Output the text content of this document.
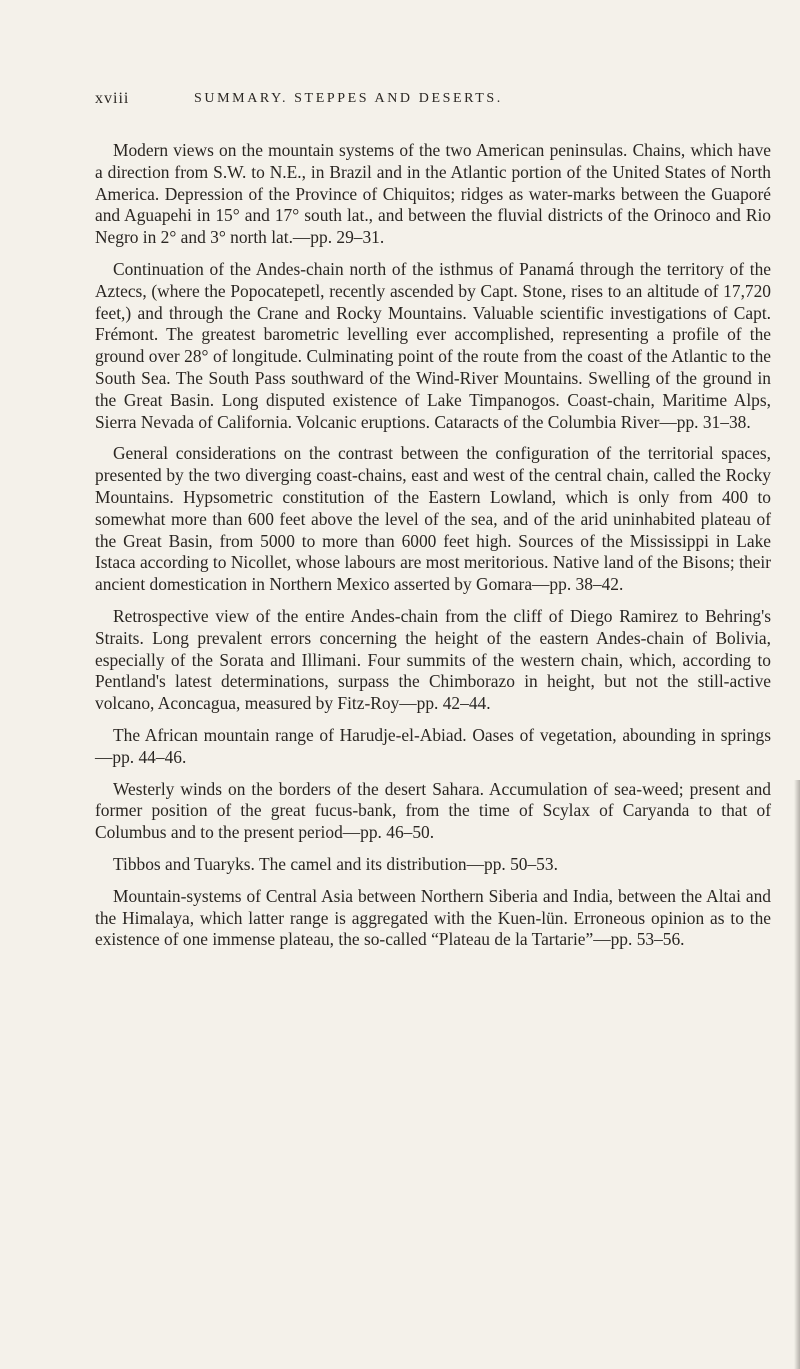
xviii	SUMMARY. STEPPES AND DESERTS.

Modern views on the mountain systems of the two American peninsulas. Chains, which have a direction from S.W. to N.E., in Brazil and in the Atlantic portion of the United States of North America. Depression of the Province of Chiquitos; ridges as water-marks between the Guaporé and Aguapehi in 15° and 17° south lat., and between the fluvial districts of the Orinoco and Rio Negro in 2° and 3° north lat.—pp. 29–31.

Continuation of the Andes-chain north of the isthmus of Panamá through the territory of the Aztecs, (where the Popocatepetl, recently ascended by Capt. Stone, rises to an altitude of 17,720 feet,) and through the Crane and Rocky Mountains. Valuable scientific investigations of Capt. Frémont. The greatest barometric levelling ever accomplished, representing a profile of the ground over 28° of longitude. Culminating point of the route from the coast of the Atlantic to the South Sea. The South Pass southward of the Wind-River Mountains. Swelling of the ground in the Great Basin. Long disputed existence of Lake Timpanogos. Coast-chain, Maritime Alps, Sierra Nevada of California. Volcanic eruptions. Cataracts of the Columbia River—pp. 31–38.

General considerations on the contrast between the configuration of the territorial spaces, presented by the two diverging coast-chains, east and west of the central chain, called the Rocky Mountains. Hypsometric constitution of the Eastern Lowland, which is only from 400 to somewhat more than 600 feet above the level of the sea, and of the arid uninhabited plateau of the Great Basin, from 5000 to more than 6000 feet high. Sources of the Mississippi in Lake Istaca according to Nicollet, whose labours are most meritorious. Native land of the Bisons; their ancient domestication in Northern Mexico asserted by Gomara—pp. 38–42.

Retrospective view of the entire Andes-chain from the cliff of Diego Ramirez to Behring's Straits. Long prevalent errors concerning the height of the eastern Andes-chain of Bolivia, especially of the Sorata and Illimani. Four summits of the western chain, which, according to Pentland's latest determinations, surpass the Chimborazo in height, but not the still-active volcano, Aconcagua, measured by Fitz-Roy—pp. 42–44.

The African mountain range of Harudje-el-Abiad. Oases of vegetation, abounding in springs—pp. 44–46.

Westerly winds on the borders of the desert Sahara. Accumulation of sea-weed; present and former position of the great fucus-bank, from the time of Scylax of Caryanda to that of Columbus and to the present period—pp. 46–50.

Tibbos and Tuaryks. The camel and its distribution—pp. 50–53.

Mountain-systems of Central Asia between Northern Siberia and India, between the Altai and the Himalaya, which latter range is aggregated with the Kuen-lün. Erroneous opinion as to the existence of one immense plateau, the so-called “Plateau de la Tartarie”—pp. 53–56.
